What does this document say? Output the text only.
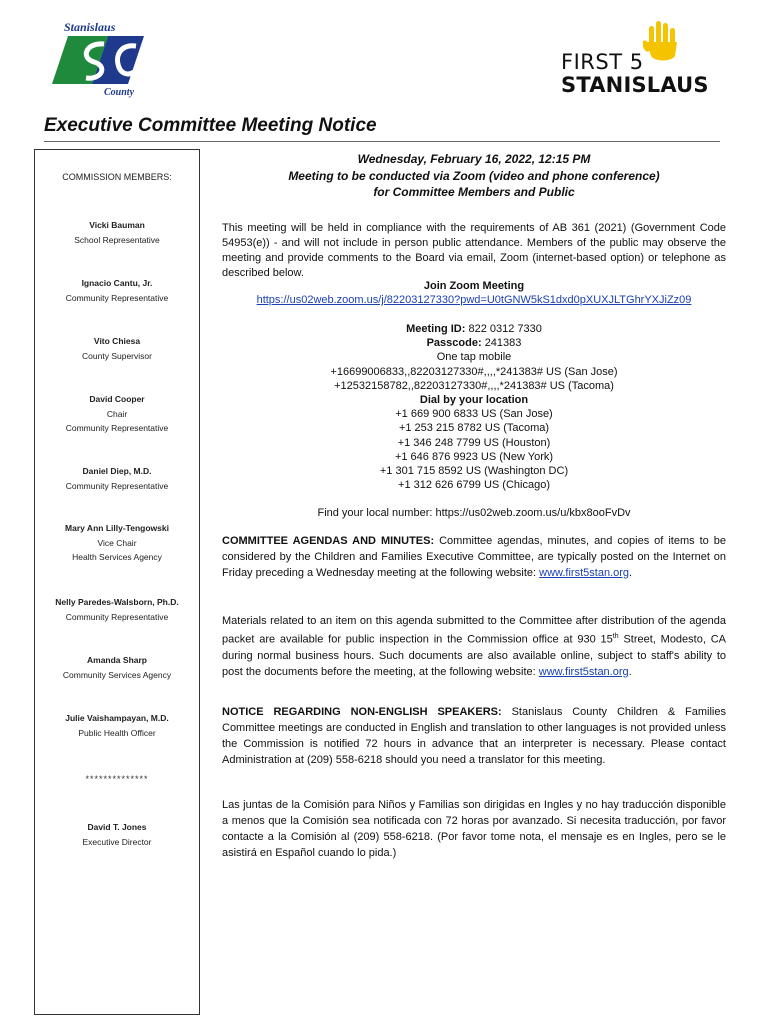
Stanislaus
County
FIRST 5
STANISLAUS
Executive Committee Meeting Notice
COMMISSION MEMBERS:
Vicki Bauman
School Representative
Ignacio Cantu, Jr.
Community Representative
Vito Chiesa
County Supervisor
David Cooper
Chair
Community Representative
Daniel Diep, M.D.
Community Representative
Mary Ann Lilly-Tengowski
Vice Chair
Health Services Agency
Nelly Paredes-Walsborn, Ph.D.
Community Representative
Amanda Sharp
Community Services Agency
Julie Vaishampayan, M.D.
Public Health Officer
**************
David T. Jones
Executive Director
Wednesday, February 16, 2022, 12:15 PM
Meeting to be conducted via Zoom (video and phone conference)
for Committee Members and Public
This meeting will be held in compliance with the requirements of AB 361 (2021) (Government Code 54953(e)) - and will not include in person public attendance. Members of the public may observe the meeting and provide comments to the Board via email, Zoom (internet-based option) or telephone as described below.
Join Zoom Meeting
https://us02web.zoom.us/j/82203127330?pwd=U0tGNW5kS1dxd0pXUXJLTGhrYXJiZz09
Meeting ID: 822 0312 7330
Passcode: 241383
One tap mobile
+16699006833,,82203127330#,,,,*241383# US (San Jose)
+12532158782,,82203127330#,,,,*241383# US (Tacoma)
Dial by your location
+1 669 900 6833 US (San Jose)
+1 253 215 8782 US (Tacoma)
+1 346 248 7799 US (Houston)
+1 646 876 9923 US (New York)
+1 301 715 8592 US (Washington DC)
+1 312 626 6799 US (Chicago)
Find your local number: https://us02web.zoom.us/u/kbx8ooFvDv
COMMITTEE AGENDAS AND MINUTES: Committee agendas, minutes, and copies of items to be considered by the Children and Families Executive Committee, are typically posted on the Internet on Friday preceding a Wednesday meeting at the following website: www.first5stan.org.
Materials related to an item on this agenda submitted to the Committee after distribution of the agenda packet are available for public inspection in the Commission office at 930 15th Street, Modesto, CA during normal business hours. Such documents are also available online, subject to staff's ability to post the documents before the meeting, at the following website: www.first5stan.org.
NOTICE REGARDING NON-ENGLISH SPEAKERS: Stanislaus County Children & Families Committee meetings are conducted in English and translation to other languages is not provided unless the Commission is notified 72 hours in advance that an interpreter is necessary. Please contact Administration at (209) 558-6218 should you need a translator for this meeting.
Las juntas de la Comisión para Niños y Familias son dirigidas en Ingles y no hay traducción disponible a menos que la Comisión sea notificada con 72 horas por avanzado. Si necesita traducción, por favor contacte a la Comisión al (209) 558-6218. (Por favor tome nota, el mensaje es en Ingles, pero se le asistirá en Español cuando lo pida.)
